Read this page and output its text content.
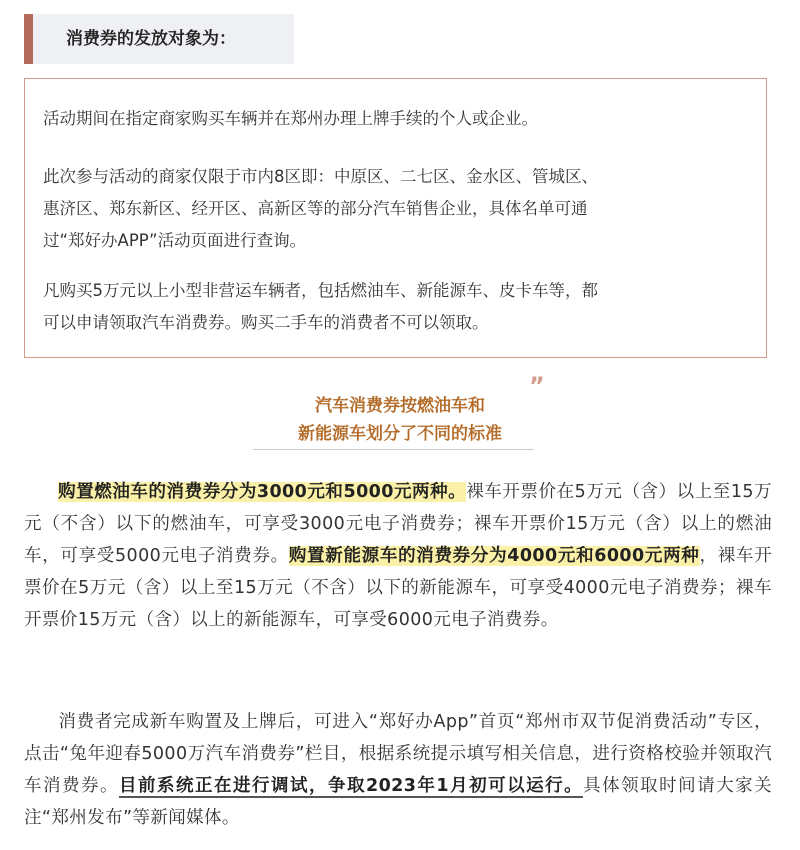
消费券的发放对象为：
活动期间在指定商家购买车辆并在郑州办理上牌手续的个人或企业。
此次参与活动的商家仅限于市内8区即：中原区、二七区、金水区、管城区、
惠济区、郑东新区、经开区、高新区等的部分汽车销售企业，具体名单可通
过“郑好办APP”活动页面进行查询。
凡购买5万元以上小型非营运车辆者，包括燃油车、新能源车、皮卡车等，都
可以申请领取汽车消费券。购买二手车的消费者不可以领取。
”
汽车消费券按燃油车和
新能源车划分了不同的标准
购置燃油车的消费券分为3000元和5000元两种。裸车开票价在5万元（含）以上至15万元（不含）以下的燃油车，可享受3000元电子消费券；裸车开票价15万元（含）以上的燃油车，可享受5000元电子消费券。购置新能源车的消费券分为4000元和6000元两种，裸车开票价在5万元（含）以上至15万元（不含）以下的新能源车，可享受4000元电子消费券；裸车开票价15万元（含）以上的新能源车，可享受6000元电子消费券。
消费者完成新车购置及上牌后，可进入“郑好办App”首页“郑州市双节促消费活动”专区，点击“兔年迎春5000万汽车消费券”栏目，根据系统提示填写相关信息，进行资格校验并领取汽车消费券。目前系统正在进行调试，争取2023年1月初可以运行。具体领取时间请大家关注“郑州发布”等新闻媒体。
